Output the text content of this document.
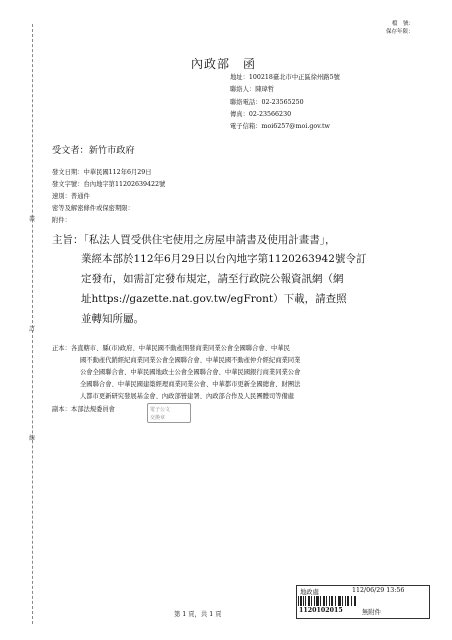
檔　號：
保存年限：
裝
訂
線
內政部　函
地址：100218臺北市中正區徐州路5號
聯絡人：陳瑋哲
聯絡電話：02-23565250
傳真：02-23566230
電子信箱：moi6257@moi.gov.tw
受文者：新竹市政府
發文日期：中華民國112年6月29日
發文字號：台內地字第11202639422號
速別：普通件
密等及解密條件或保密期限：
附件：
主旨：「私法人買受供住宅使用之房屋申請書及使用計畫書」，
業經本部於112年6月29日以台內地字第1120263942號令訂
定發布，如需訂定發布規定，請至行政院公報資訊網（網
址https://gazette.nat.gov.tw/egFront）下載，請查照
並轉知所屬。
正本：各直轄市、縣(市)政府、中華民國不動產開發商業同業公會全國聯合會、中華民
國不動產代銷經紀商業同業公會全國聯合會、中華民國不動產仲介經紀商業同業
公會全國聯合會、中華民國地政士公會全國聯合會、中華民國銀行商業同業公會
全國聯合會、中華民國建築經理商業同業公會、中華都市更新全國總會、財團法
人都市更新研究發展基金會、內政部營建署、內政部合作及人民團體司等備處
副本：本部法規委員會	電子公文
交換章
第 1 頁，共 1 頁
地政處	112/06/29 13:56
1120102015	無附件
